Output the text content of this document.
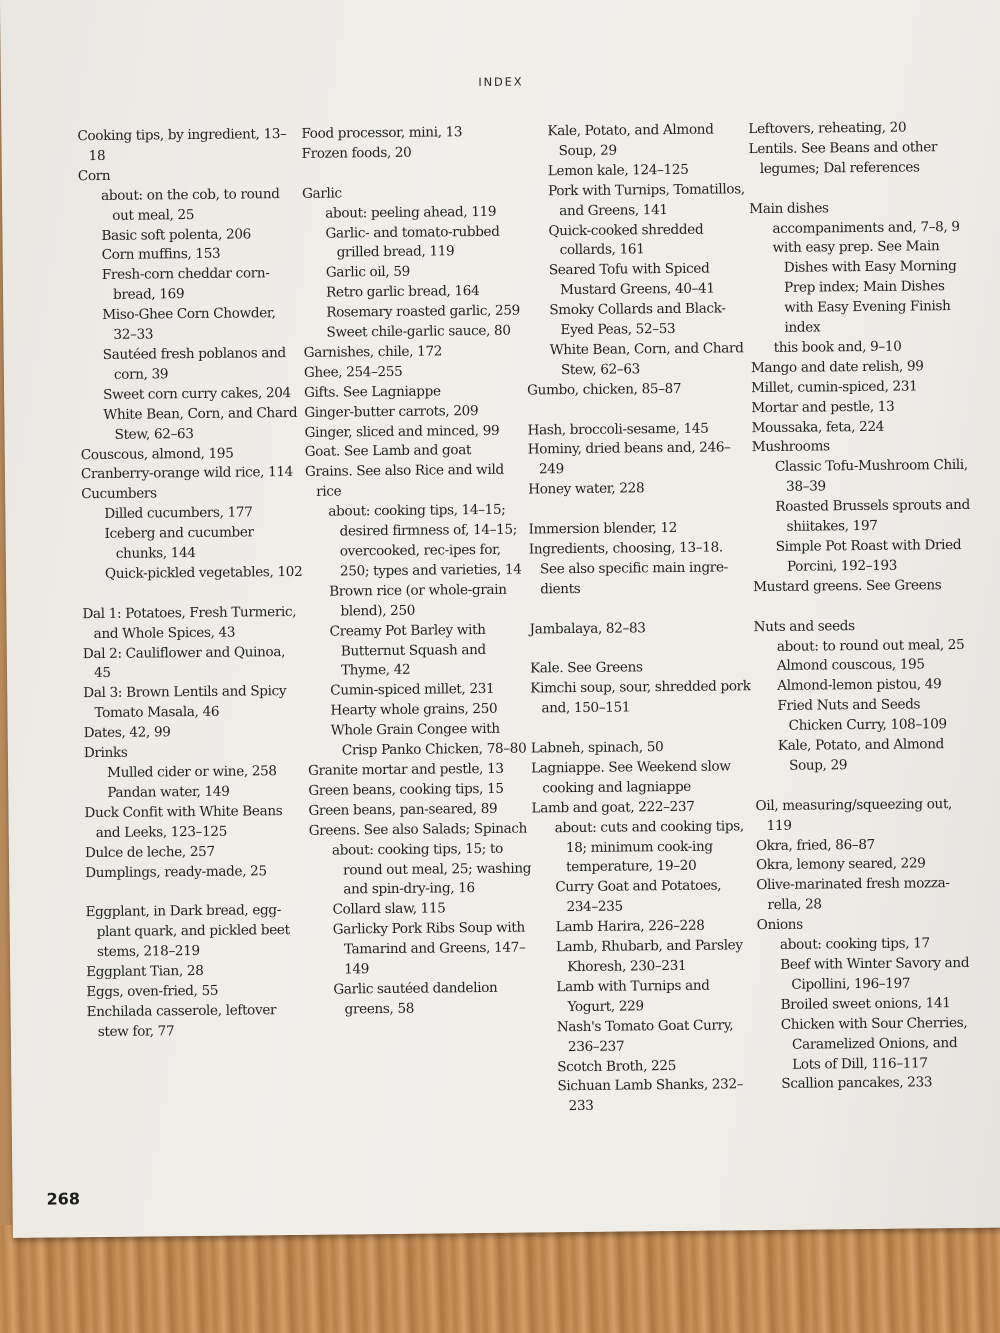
INDEX
Cooking tips, by ingredient, 13–18
Corn
about: on the cob, to round out meal, 25
Basic soft polenta, 206
Corn muffins, 153
Fresh-corn cheddar corn-bread, 169
Miso-Ghee Corn Chowder, 32–33
Sautéed fresh poblanos and corn, 39
Sweet corn curry cakes, 204
White Bean, Corn, and Chard Stew, 62–63
Couscous, almond, 195
Cranberry-orange wild rice, 114
Cucumbers
Dilled cucumbers, 177
Iceberg and cucumber chunks, 144
Quick-pickled vegetables, 102
Dal 1: Potatoes, Fresh Turmeric, and Whole Spices, 43
Dal 2: Cauliflower and Quinoa, 45
Dal 3: Brown Lentils and Spicy Tomato Masala, 46
Dates, 42, 99
Drinks
Mulled cider or wine, 258
Pandan water, 149
Duck Confit with White Beans and Leeks, 123–125
Dulce de leche, 257
Dumplings, ready-made, 25
Eggplant, in Dark bread, egg-plant quark, and pickled beet stems, 218–219
Eggplant Tian, 28
Eggs, oven-fried, 55
Enchilada casserole, leftover stew for, 77
Food processor, mini, 13
Frozen foods, 20
Garlic
about: peeling ahead, 119
Garlic- and tomato-rubbed grilled bread, 119
Garlic oil, 59
Retro garlic bread, 164
Rosemary roasted garlic, 259
Sweet chile-garlic sauce, 80
Garnishes, chile, 172
Ghee, 254–255
Gifts. See Lagniappe
Ginger-butter carrots, 209
Ginger, sliced and minced, 99
Goat. See Lamb and goat
Grains. See also Rice and wild rice
about: cooking tips, 14–15; desired firmness of, 14–15; overcooked, rec-ipes for, 250; types and varieties, 14
Brown rice (or whole-grain blend), 250
Creamy Pot Barley with Butternut Squash and Thyme, 42
Cumin-spiced millet, 231
Hearty whole grains, 250
Whole Grain Congee with Crisp Panko Chicken, 78–80
Granite mortar and pestle, 13
Green beans, cooking tips, 15
Green beans, pan-seared, 89
Greens. See also Salads; Spinach
about: cooking tips, 15; to round out meal, 25; washing and spin-dry-ing, 16
Collard slaw, 115
Garlicky Pork Ribs Soup with Tamarind and Greens, 147–149
Garlic sautéed dandelion greens, 58
Kale, Potato, and Almond Soup, 29
Lemon kale, 124–125
Pork with Turnips, Tomatillos, and Greens, 141
Quick-cooked shredded collards, 161
Seared Tofu with Spiced Mustard Greens, 40–41
Smoky Collards and Black-Eyed Peas, 52–53
White Bean, Corn, and Chard Stew, 62–63
Gumbo, chicken, 85–87
Hash, broccoli-sesame, 145
Hominy, dried beans and, 246–249
Honey water, 228
Immersion blender, 12
Ingredients, choosing, 13–18. See also specific main ingre-dients
Jambalaya, 82–83
Kale. See Greens
Kimchi soup, sour, shredded pork and, 150–151
Labneh, spinach, 50
Lagniappe. See Weekend slow cooking and lagniappe
Lamb and goat, 222–237
about: cuts and cooking tips, 18; minimum cook-ing temperature, 19–20
Curry Goat and Potatoes, 234–235
Lamb Harira, 226–228
Lamb, Rhubarb, and Parsley Khoresh, 230–231
Lamb with Turnips and Yogurt, 229
Nash's Tomato Goat Curry, 236–237
Scotch Broth, 225
Sichuan Lamb Shanks, 232–233
Leftovers, reheating, 20
Lentils. See Beans and other legumes; Dal references
Main dishes
accompaniments and, 7–8, 9
with easy prep. See Main Dishes with Easy Morning Prep index; Main Dishes with Easy Evening Finish index
this book and, 9–10
Mango and date relish, 99
Millet, cumin-spiced, 231
Mortar and pestle, 13
Moussaka, feta, 224
Mushrooms
Classic Tofu-Mushroom Chili, 38–39
Roasted Brussels sprouts and shiitakes, 197
Simple Pot Roast with Dried Porcini, 192–193
Mustard greens. See Greens
Nuts and seeds
about: to round out meal, 25
Almond couscous, 195
Almond-lemon pistou, 49
Fried Nuts and Seeds Chicken Curry, 108–109
Kale, Potato, and Almond Soup, 29
Oil, measuring/squeezing out, 119
Okra, fried, 86–87
Okra, lemony seared, 229
Olive-marinated fresh mozza-rella, 28
Onions
about: cooking tips, 17
Beef with Winter Savory and Cipollini, 196–197
Broiled sweet onions, 141
Chicken with Sour Cherries, Caramelized Onions, and Lots of Dill, 116–117
Scallion pancakes, 233
268
